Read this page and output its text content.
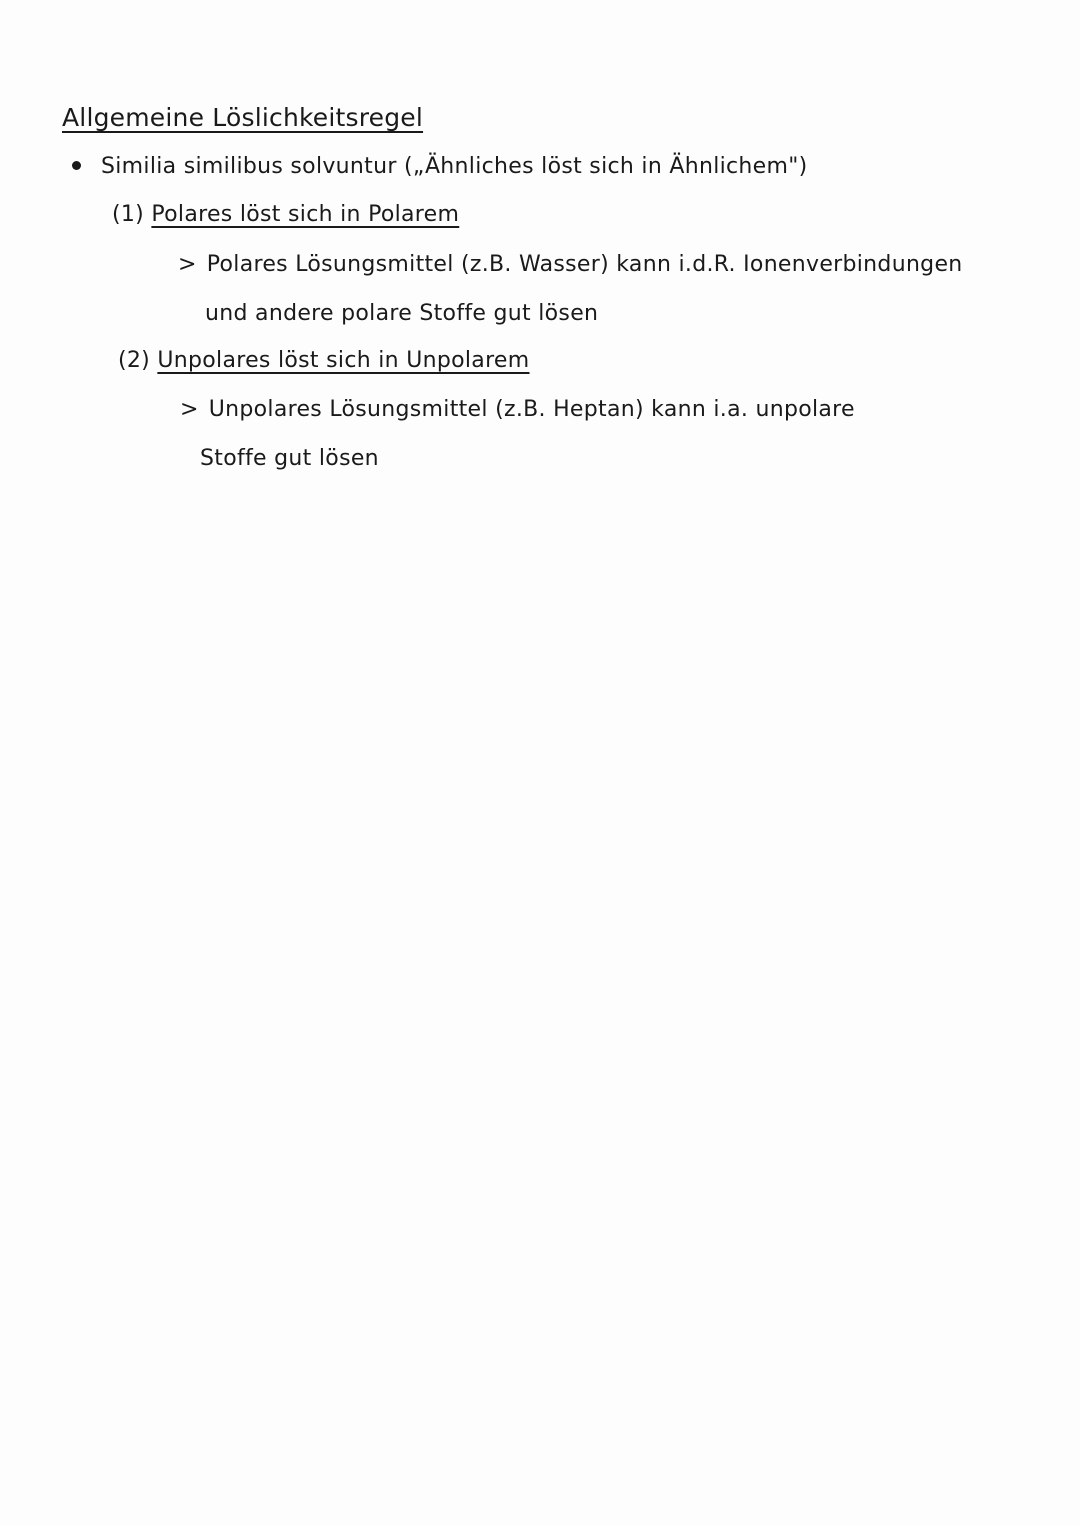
Allgemeine Löslichkeitsregel
Similia similibus solvuntur („Ähnliches löst sich in Ähnlichem")
(1) Polares löst sich in Polarem
> Polares Lösungsmittel (z.B. Wasser) kann i.d.R. Ionenverbindungen
und andere polare Stoffe gut lösen
(2) Unpolares löst sich in Unpolarem
> Unpolares Lösungsmittel (z.B. Heptan) kann i.a. unpolare
Stoffe gut lösen
